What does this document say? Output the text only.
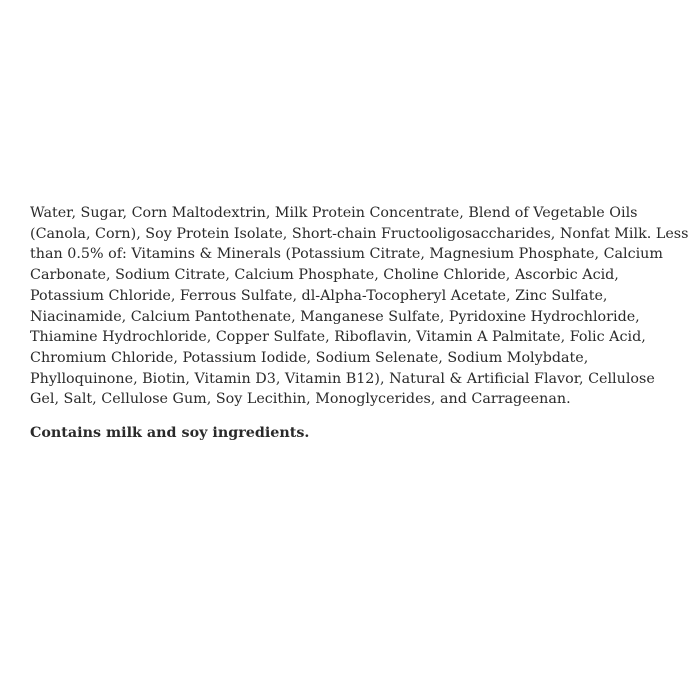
Water, Sugar, Corn Maltodextrin, Milk Protein Concentrate, Blend of Vegetable Oils
(Canola, Corn), Soy Protein Isolate, Short-chain Fructooligosaccharides, Nonfat Milk. Less
than 0.5% of: Vitamins & Minerals (Potassium Citrate, Magnesium Phosphate, Calcium
Carbonate, Sodium Citrate, Calcium Phosphate, Choline Chloride, Ascorbic Acid,
Potassium Chloride, Ferrous Sulfate, dl-Alpha-Tocopheryl Acetate, Zinc Sulfate,
Niacinamide, Calcium Pantothenate, Manganese Sulfate, Pyridoxine Hydrochloride,
Thiamine Hydrochloride, Copper Sulfate, Riboflavin, Vitamin A Palmitate, Folic Acid,
Chromium Chloride, Potassium Iodide, Sodium Selenate, Sodium Molybdate,
Phylloquinone, Biotin, Vitamin D3, Vitamin B12), Natural & Artificial Flavor, Cellulose
Gel, Salt, Cellulose Gum, Soy Lecithin, Monoglycerides, and Carrageenan.
Contains milk and soy ingredients.
